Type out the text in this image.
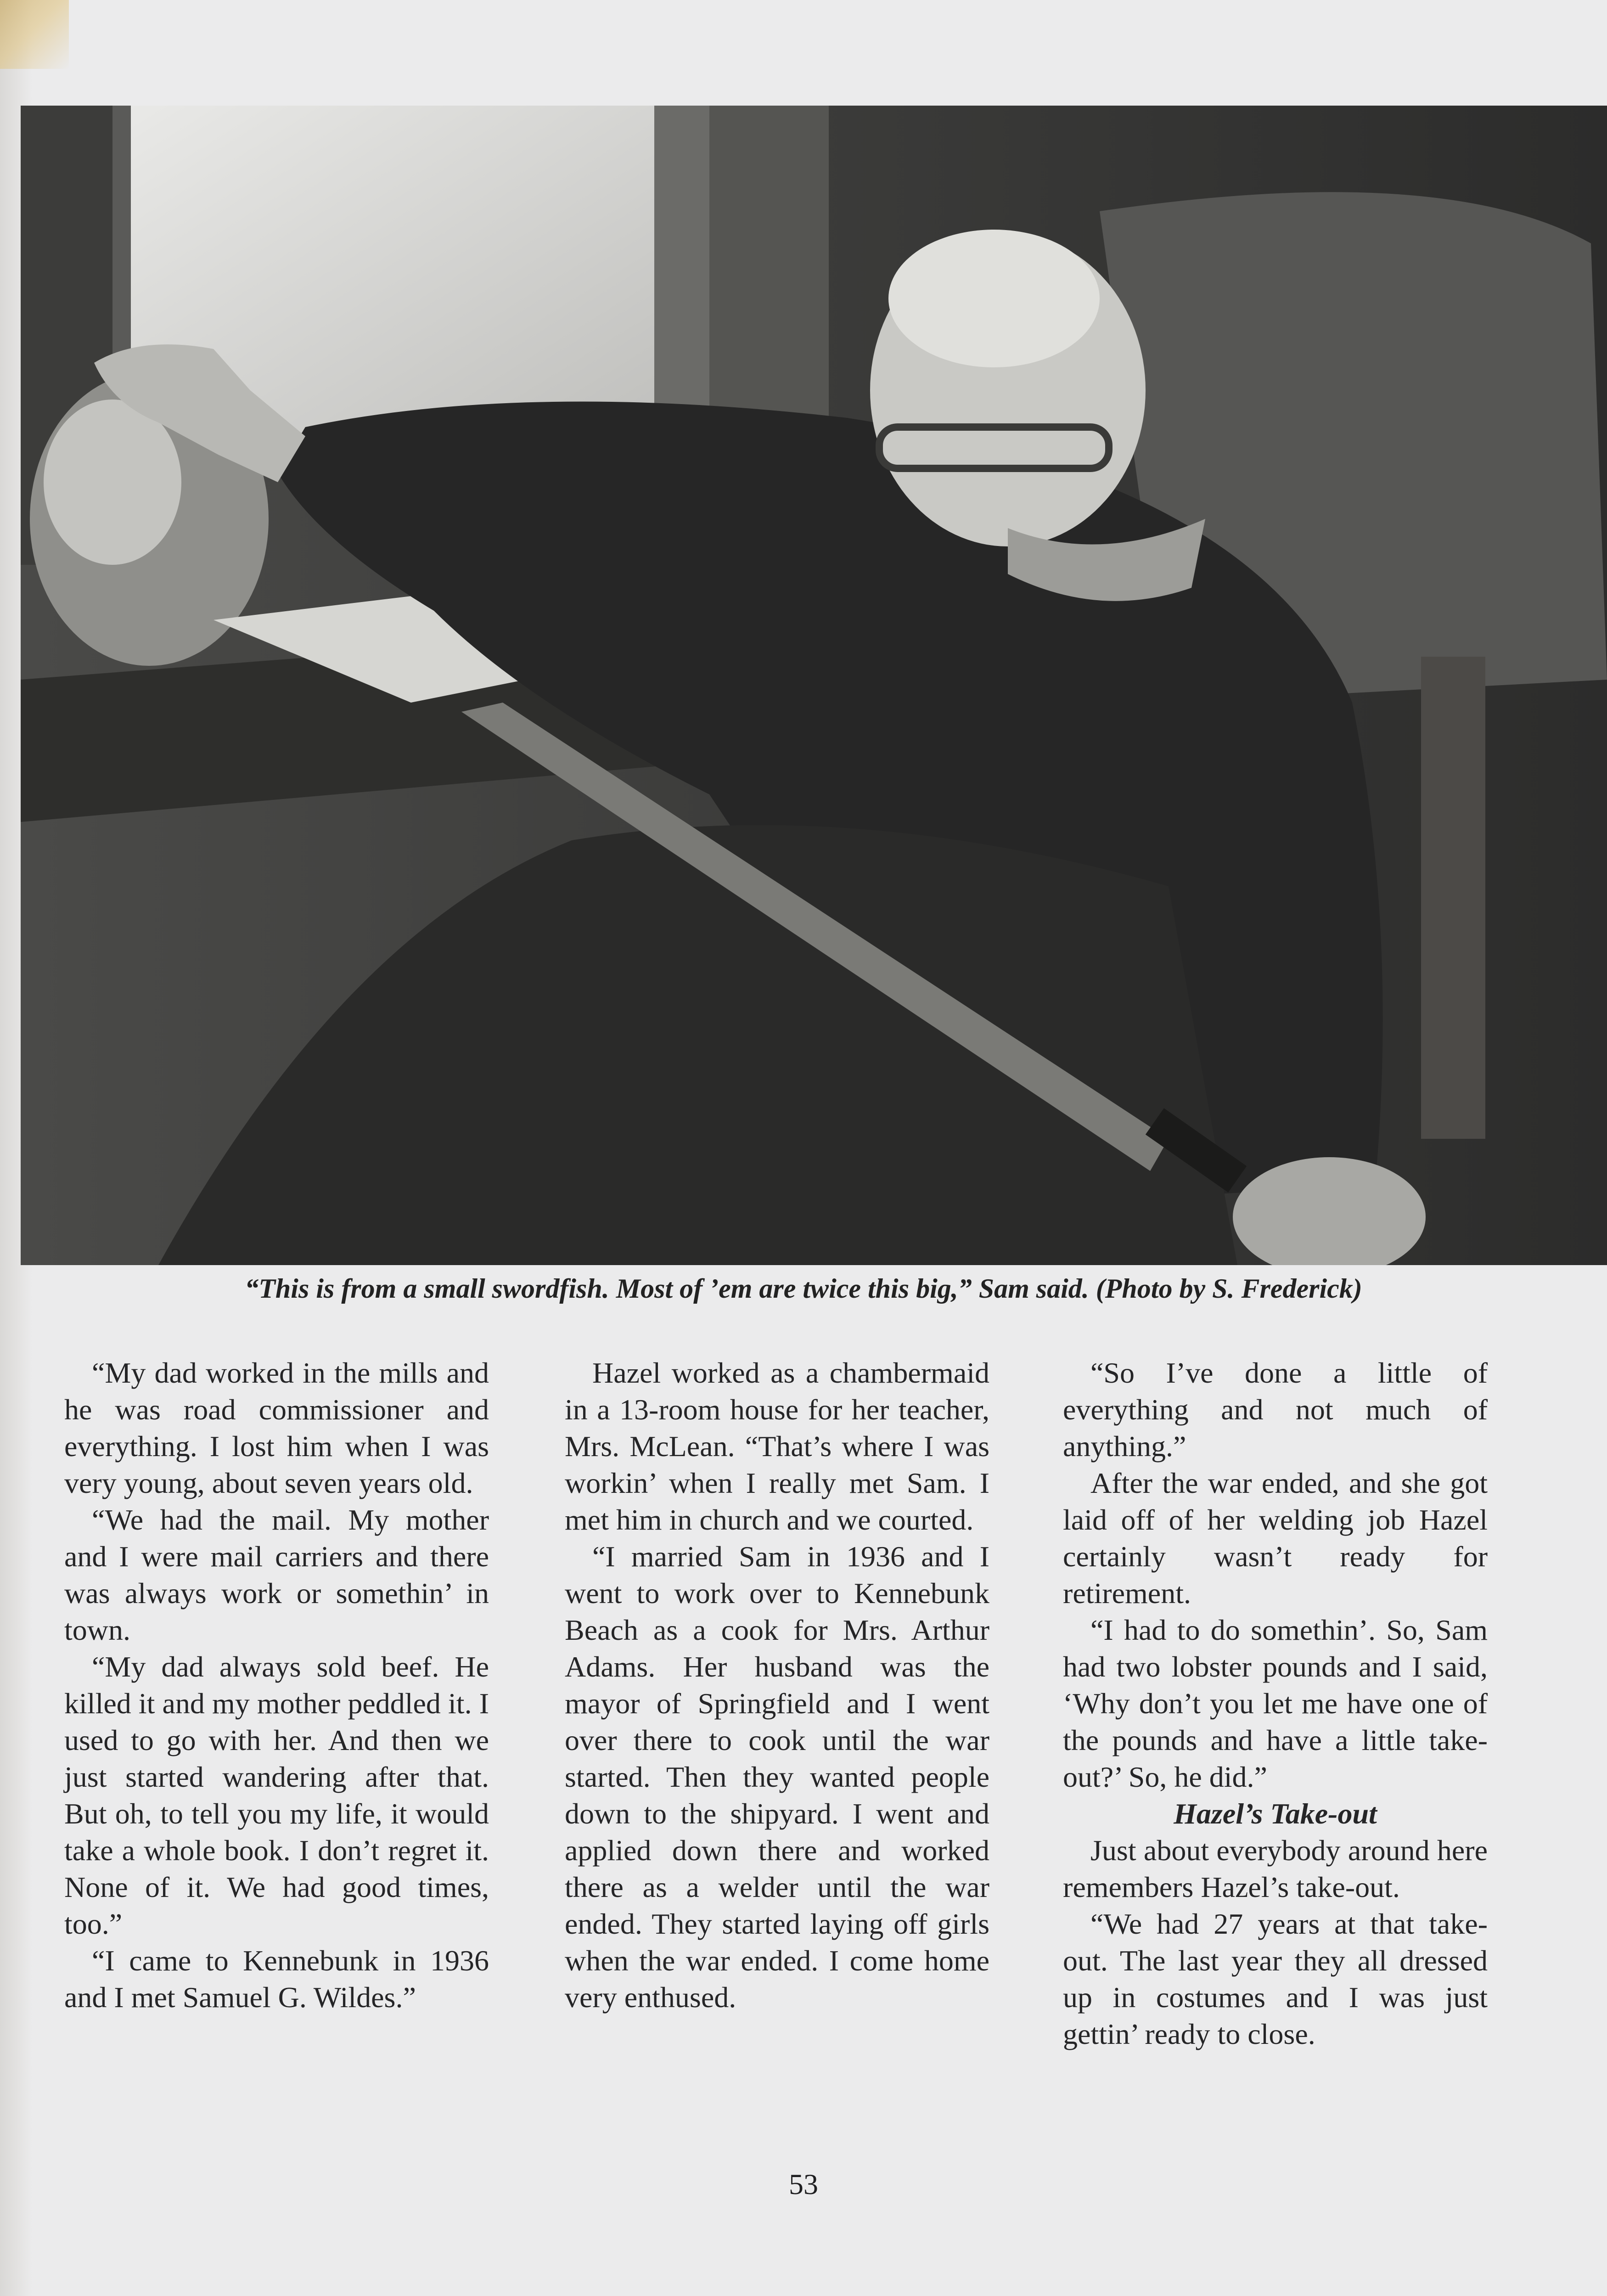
“This is from a small swordfish. Most of ’em are twice this big,” Sam said. (Photo by S. Frederick)

“My dad worked in the mills and he was road commissioner and everything. I lost him when I was very young, about seven years old.

“We had the mail. My mother and I were mail carriers and there was always work or somethin’ in town.

“My dad always sold beef. He killed it and my mother peddled it. I used to go with her. And then we just started wandering after that. But oh, to tell you my life, it would take a whole book. I don’t regret it. None of it. We had good times, too.”

“I came to Kennebunk in 1936 and I met Samuel G. Wildes.”

Hazel worked as a chambermaid in a 13-room house for her teacher, Mrs. McLean. “That’s where I was workin’ when I really met Sam. I met him in church and we courted.

“I married Sam in 1936 and I went to work over to Kennebunk Beach as a cook for Mrs. Arthur Adams. Her husband was the mayor of Springfield and I went over there to cook until the war started. Then they wanted people down to the shipyard. I went and applied down there and worked there as a welder until the war ended. They started laying off girls when the war ended. I come home very enthused.

“So I’ve done a little of everything and not much of anything.”

After the war ended, and she got laid off of her welding job Hazel certainly wasn’t ready for retirement.

“I had to do somethin’. So, Sam had two lobster pounds and I said, ‘Why don’t you let me have one of the pounds and have a little take-out?’ So, he did.”

Hazel’s Take-out

Just about everybody around here remembers Hazel’s take-out.

“We had 27 years at that take-out. The last year they all dressed up in costumes and I was just gettin’ ready to close.

53
